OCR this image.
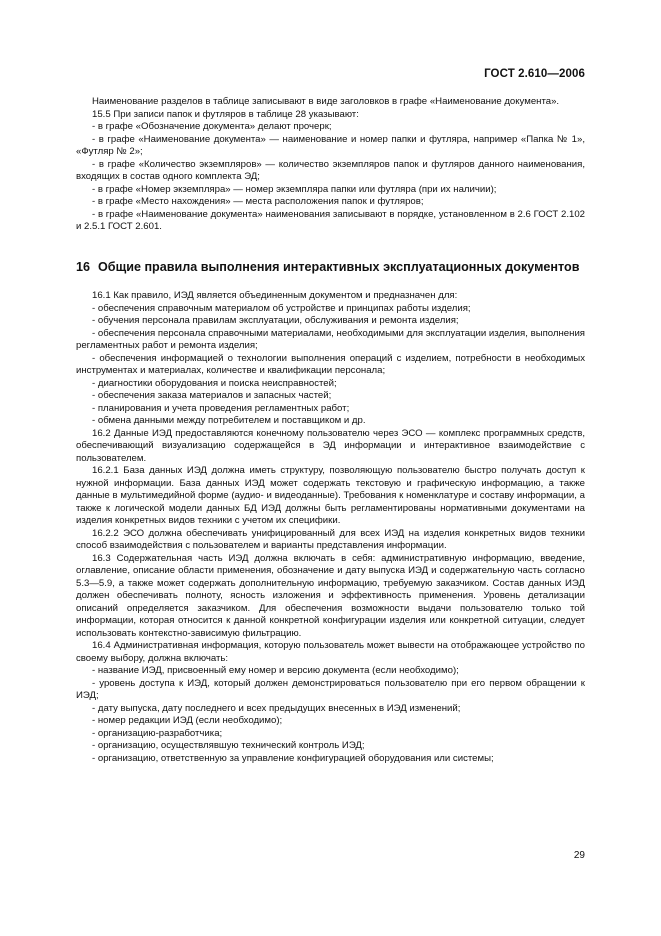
ГОСТ 2.610—2006

Наименование разделов в таблице записывают в виде заголовков в графе «Наименование документа».

15.5 При записи папок и футляров в таблице 28 указывают:

- в графе «Обозначение документа» делают прочерк;

- в графе «Наименование документа» — наименование и номер папки и футляра, например «Папка № 1», «Футляр № 2»;

- в графе «Количество экземпляров» — количество экземпляров папок и футляров данного наименования, входящих в состав одного комплекта ЭД;

- в графе «Номер экземпляра» — номер экземпляра папки или футляра (при их наличии);

- в графе «Место нахождения» — места расположения папок и футляров;

- в графе «Наименование документа» наименования записывают в порядке, установленном в 2.6 ГОСТ 2.102 и 2.5.1 ГОСТ 2.601.

16 Общие правила выполнения интерактивных эксплуатационных документов

16.1 Как правило, ИЭД является объединенным документом и предназначен для:

- обеспечения справочным материалом об устройстве и принципах работы изделия;

- обучения персонала правилам эксплуатации, обслуживания и ремонта изделия;

- обеспечения персонала справочными материалами, необходимыми для эксплуатации изделия, выполнения регламентных работ и ремонта изделия;

- обеспечения информацией о технологии выполнения операций с изделием, потребности в необходимых инструментах и материалах, количестве и квалификации персонала;

- диагностики оборудования и поиска неисправностей;

- обеспечения заказа материалов и запасных частей;

- планирования и учета проведения регламентных работ;

- обмена данными между потребителем и поставщиком и др.

16.2 Данные ИЭД предоставляются конечному пользователю через ЭСО — комплекс программных средств, обеспечивающий визуализацию содержащейся в ЭД информации и интерактивное взаимодействие с пользователем.

16.2.1 База данных ИЭД должна иметь структуру, позволяющую пользователю быстро получать доступ к нужной информации. База данных ИЭД может содержать текстовую и графическую информацию, а также данные в мультимедийной форме (аудио- и видеоданные). Требования к номенклатуре и составу информации, а также к логической модели данных БД ИЭД должны быть регламентированы нормативными документами на изделия конкретных видов техники с учетом их специфики.

16.2.2 ЭСО должна обеспечивать унифицированный для всех ИЭД на изделия конкретных видов техники способ взаимодействия с пользователем и варианты представления информации.

16.3 Содержательная часть ИЭД должна включать в себя: административную информацию, введение, оглавление, описание области применения, обозначение и дату выпуска ИЭД и содержательную часть согласно 5.3—5.9, а также может содержать дополнительную информацию, требуемую заказчиком. Состав данных ИЭД должен обеспечивать полноту, ясность изложения и эффективность применения. Уровень детализации описаний определяется заказчиком. Для обеспечения возможности выдачи пользователю только той информации, которая относится к данной конкретной конфигурации изделия или конкретной ситуации, следует использовать контекстно-зависимую фильтрацию.

16.4 Административная информация, которую пользователь может вывести на отображающее устройство по своему выбору, должна включать:

- название ИЭД, присвоенный ему номер и версию документа (если необходимо);

- уровень доступа к ИЭД, который должен демонстрироваться пользователю при его первом обращении к ИЭД;

- дату выпуска, дату последнего и всех предыдущих внесенных в ИЭД изменений;

- номер редакции ИЭД (если необходимо);

- организацию-разработчика;

- организацию, осуществлявшую технический контроль ИЭД;

- организацию, ответственную за управление конфигурацией оборудования или системы;

29
